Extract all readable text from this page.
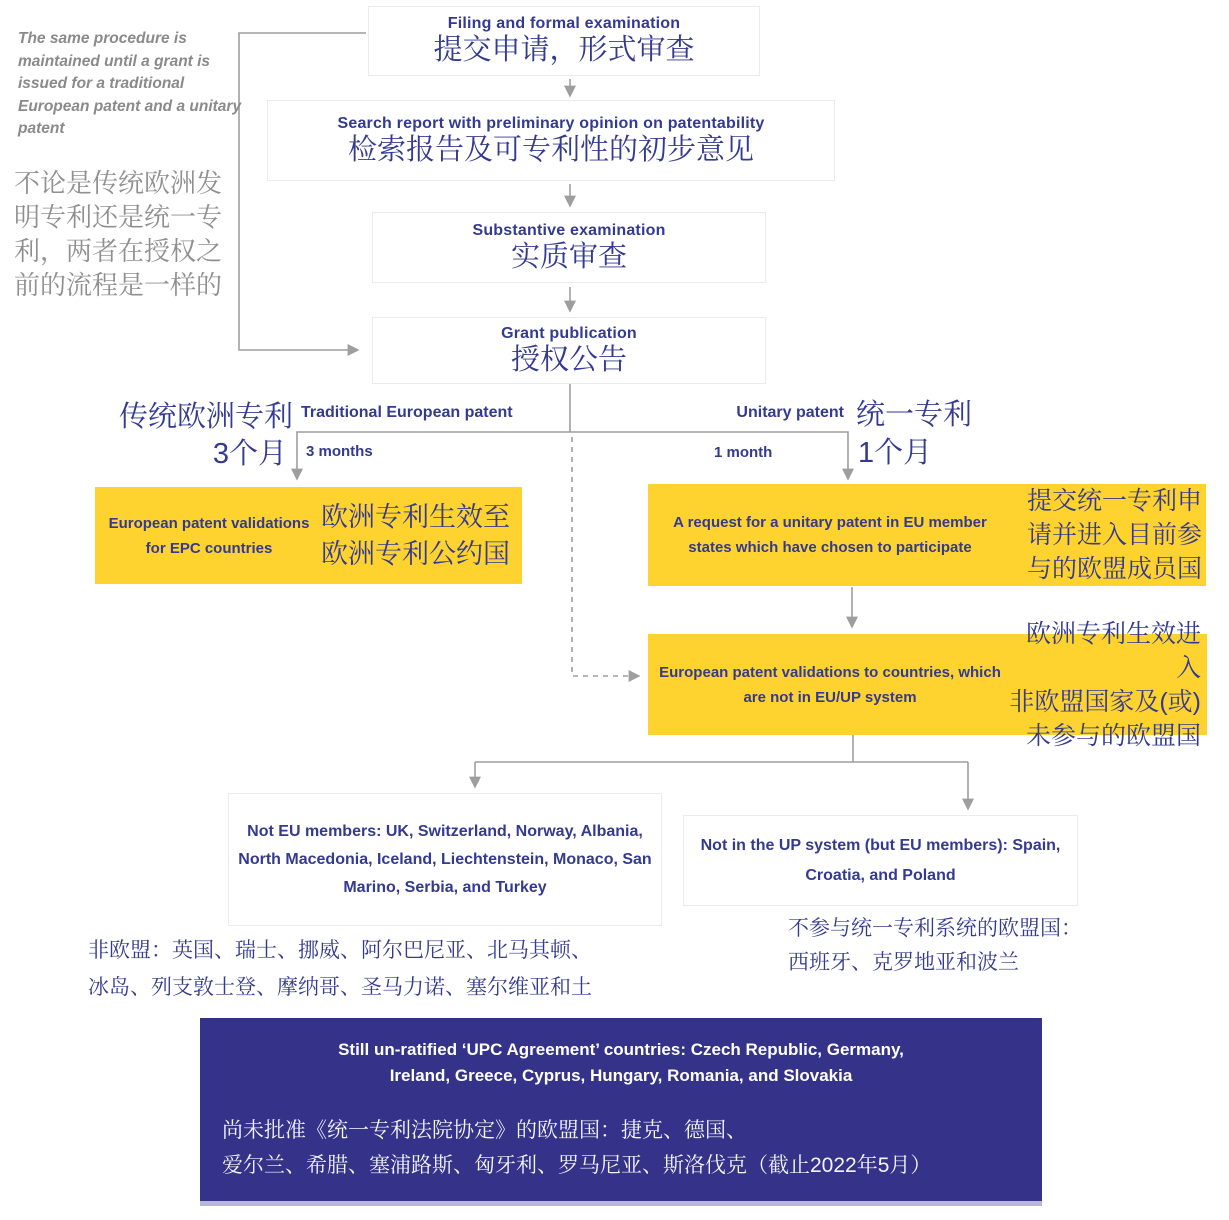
The same procedure is maintained until a grant is issued for a traditional European patent and a unitary patent
不论是传统欧洲发明专利还是统一专利，两者在授权之前的流程是一样的
Filing and formal examination
提交申请，形式审查
Search report with preliminary opinion on patentability
检索报告及可专利性的初步意见
Substantive examination
实质审查
Grant publication
授权公告
传统欧洲专利 Traditional European patent
3个月 3 months
Unitary patent 统一专利
1 month	1个月
European patent validations for EPC countries
欧洲专利生效至
欧洲专利公约国
A request for a unitary patent in EU member states which have chosen to participate
提交统一专利申
请并进入目前参
与的欧盟成员国
European patent validations to countries, which are not in EU/UP system
欧洲专利生效进入
非欧盟国家及(或)
未参与的欧盟国
Not EU members: UK, Switzerland, Norway, Albania, North Macedonia, Iceland, Liechtenstein, Monaco, San Marino, Serbia, and Turkey
Not in the UP system (but EU members): Spain, Croatia, and Poland
非欧盟：英国、瑞士、挪威、阿尔巴尼亚、北马其顿、
冰岛、列支敦士登、摩纳哥、圣马力诺、塞尔维亚和土
不参与统一专利系统的欧盟国：
西班牙、克罗地亚和波兰
Still un-ratified ‘UPC Agreement’ countries: Czech Republic, Germany,
Ireland, Greece, Cyprus, Hungary, Romania, and Slovakia
尚未批准《统一专利法院协定》的欧盟国：捷克、德国、
爱尔兰、希腊、塞浦路斯、匈牙利、罗马尼亚、斯洛伐克（截止2022年5月）
